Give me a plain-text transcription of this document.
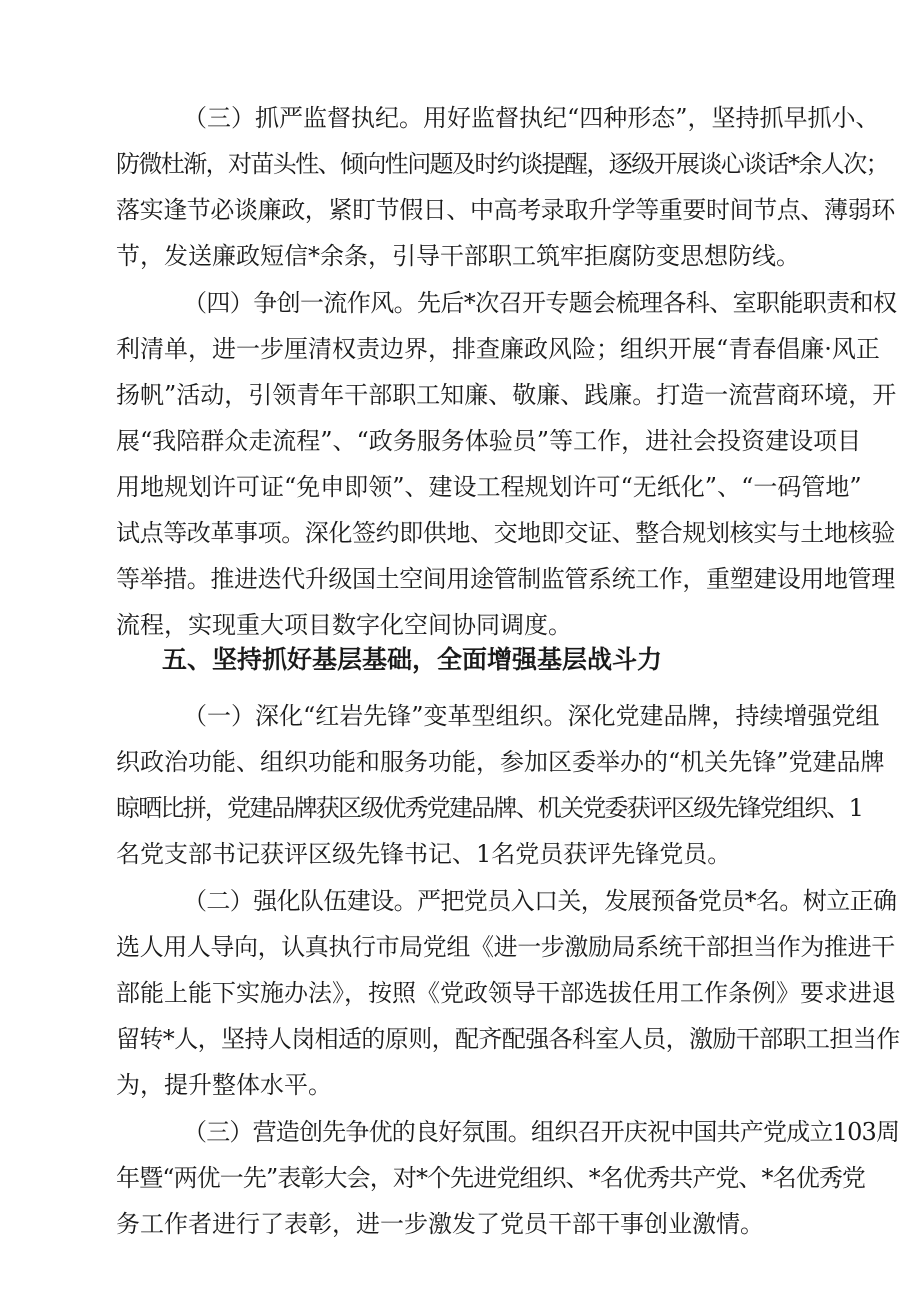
（三）抓严监督执纪。用好监督执纪“四种形态”，坚持抓早抓小、
防微杜渐，对苗头性、倾向性问题及时约谈提醒，逐级开展谈心谈话*余人次；
落实逢节必谈廉政，紧盯节假日、中高考录取升学等重要时间节点、薄弱环
节，发送廉政短信*余条，引导干部职工筑牢拒腐防变思想防线。
（四）争创一流作风。先后*次召开专题会梳理各科、室职能职责和权
利清单，进一步厘清权责边界，排查廉政风险；组织开展“青春倡廉·风正
扬帆”活动，引领青年干部职工知廉、敬廉、践廉。打造一流营商环境，开
展“我陪群众走流程”、“政务服务体验员”等工作，进社会投资建设项目
用地规划许可证“免申即领”、建设工程规划许可“无纸化”、“一码管地”
试点等改革事项。深化签约即供地、交地即交证、整合规划核实与土地核验
等举措。推进迭代升级国土空间用途管制监管系统工作，重塑建设用地管理
流程，实现重大项目数字化空间协同调度。
五、坚持抓好基层基础，全面增强基层战斗力
（一）深化“红岩先锋”变革型组织。深化党建品牌，持续增强党组
织政治功能、组织功能和服务功能，参加区委举办的“机关先锋”党建品牌
晾晒比拼，党建品牌获区级优秀党建品牌、机关党委获评区级先锋党组织、1
名党支部书记获评区级先锋书记、1名党员获评先锋党员。
（二）强化队伍建设。严把党员入口关，发展预备党员*名。树立正确
选人用人导向，认真执行市局党组《进一步激励局系统干部担当作为推进干
部能上能下实施办法》，按照《党政领导干部选拔任用工作条例》要求进退
留转*人，坚持人岗相适的原则，配齐配强各科室人员，激励干部职工担当作
为，提升整体水平。
（三）营造创先争优的良好氛围。组织召开庆祝中国共产党成立103周
年暨“两优一先”表彰大会，对*个先进党组织、*名优秀共产党、*名优秀党
务工作者进行了表彰，进一步激发了党员干部干事创业激情。
